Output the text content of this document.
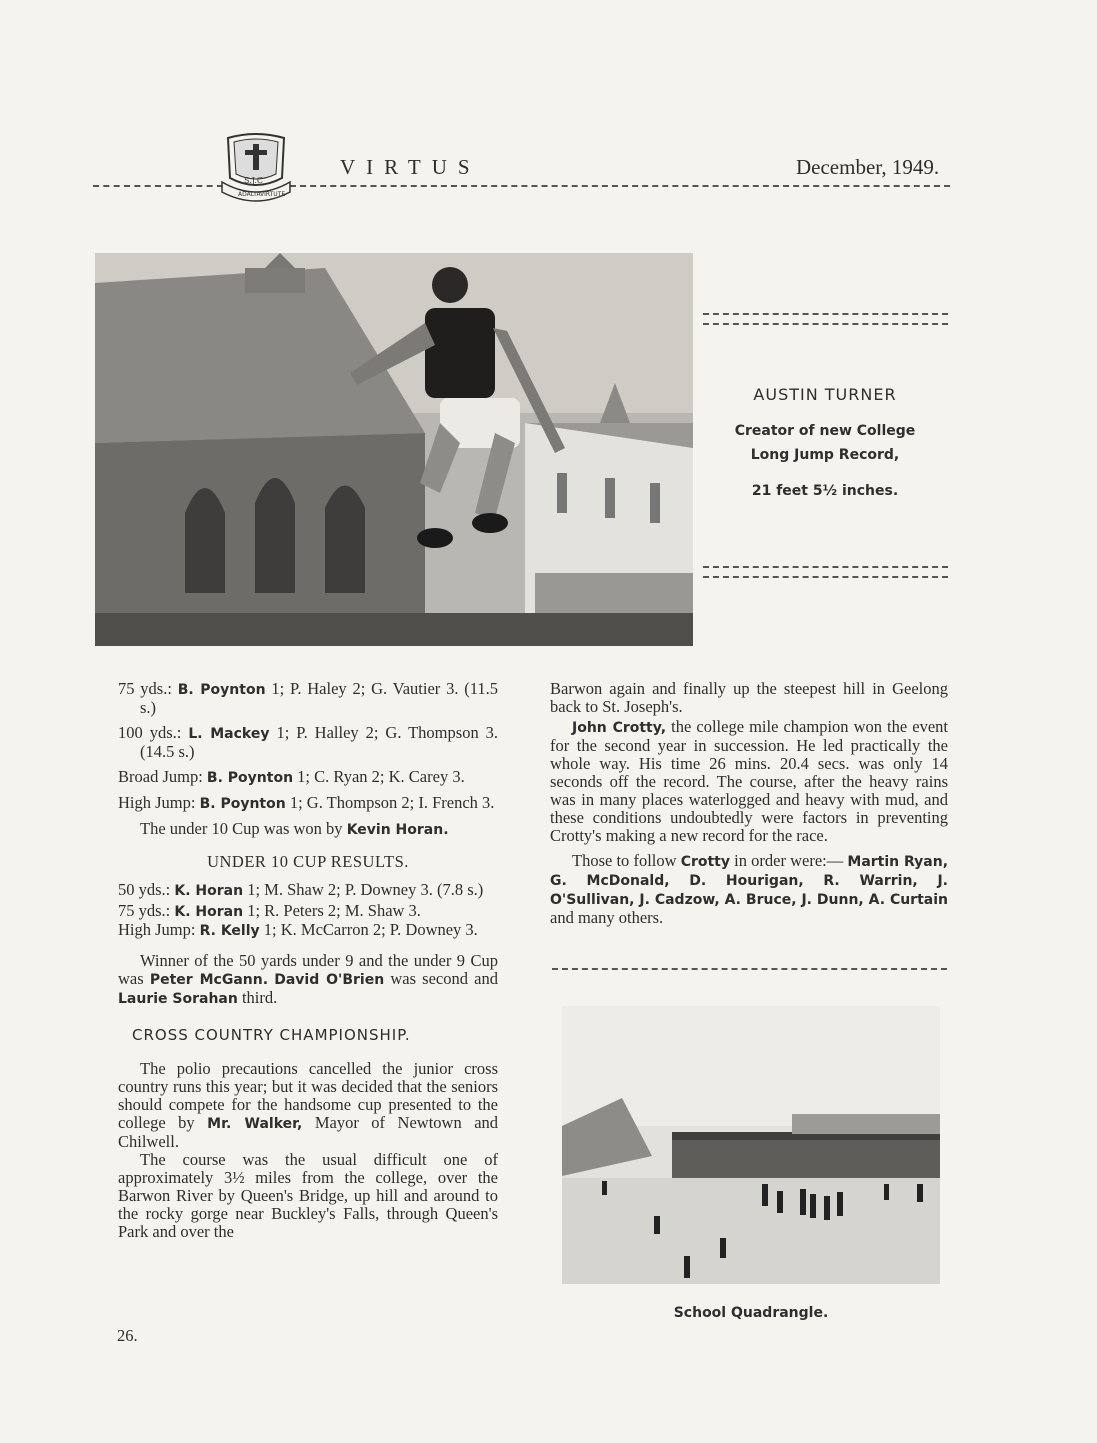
ADALTA VIRTUTE
S.J.C
VIRTUS	December, 1949.
AUSTIN TURNER
Creator of new College
Long Jump Record,
21 feet 5½ inches.

75 yds.: B. Poynton 1; P. Haley 2; G. Vautier 3. (11.5 s.)

100 yds.: L. Mackey 1; P. Halley 2; G. Thompson 3. (14.5 s.)

Broad Jump: B. Poynton 1; C. Ryan 2; K. Carey 3.

High Jump: B. Poynton 1; G. Thompson 2; I. French 3.

The under 10 Cup was won by Kevin Horan.

UNDER 10 CUP RESULTS.

50 yds.: K. Horan 1; M. Shaw 2; P. Downey 3. (7.8 s.)

75 yds.: K. Horan 1; R. Peters 2; M. Shaw 3.

High Jump: R. Kelly 1; K. McCarron 2; P. Downey 3.

Winner of the 50 yards under 9 and the under 9 Cup was Peter McGann. David O'Brien was second and Laurie Sorahan third.

CROSS COUNTRY CHAMPIONSHIP.

The polio precautions cancelled the junior cross country runs this year; but it was decided that the seniors should compete for the handsome cup presented to the college by Mr. Walker, Mayor of Newtown and Chilwell.

The course was the usual difficult one of approximately 3½ miles from the college, over the Barwon River by Queen's Bridge, up hill and around to the rocky gorge near Buckley's Falls, through Queen's Park and over the

26.

Barwon again and finally up the steepest hill in Geelong back to St. Joseph's.

John Crotty, the college mile champion won the event for the second year in succession. He led practically the whole way. His time 26 mins. 20.4 secs. was only 14 seconds off the record. The course, after the heavy rains was in many places waterlogged and heavy with mud, and these conditions undoubtedly were factors in preventing Crotty's making a new record for the race.

Those to follow Crotty in order were:— Martin Ryan, G. McDonald, D. Hourigan, R. Warrin, J. O'Sullivan, J. Cadzow, A. Bruce, J. Dunn, A. Curtain and many others.

School Quadrangle.
